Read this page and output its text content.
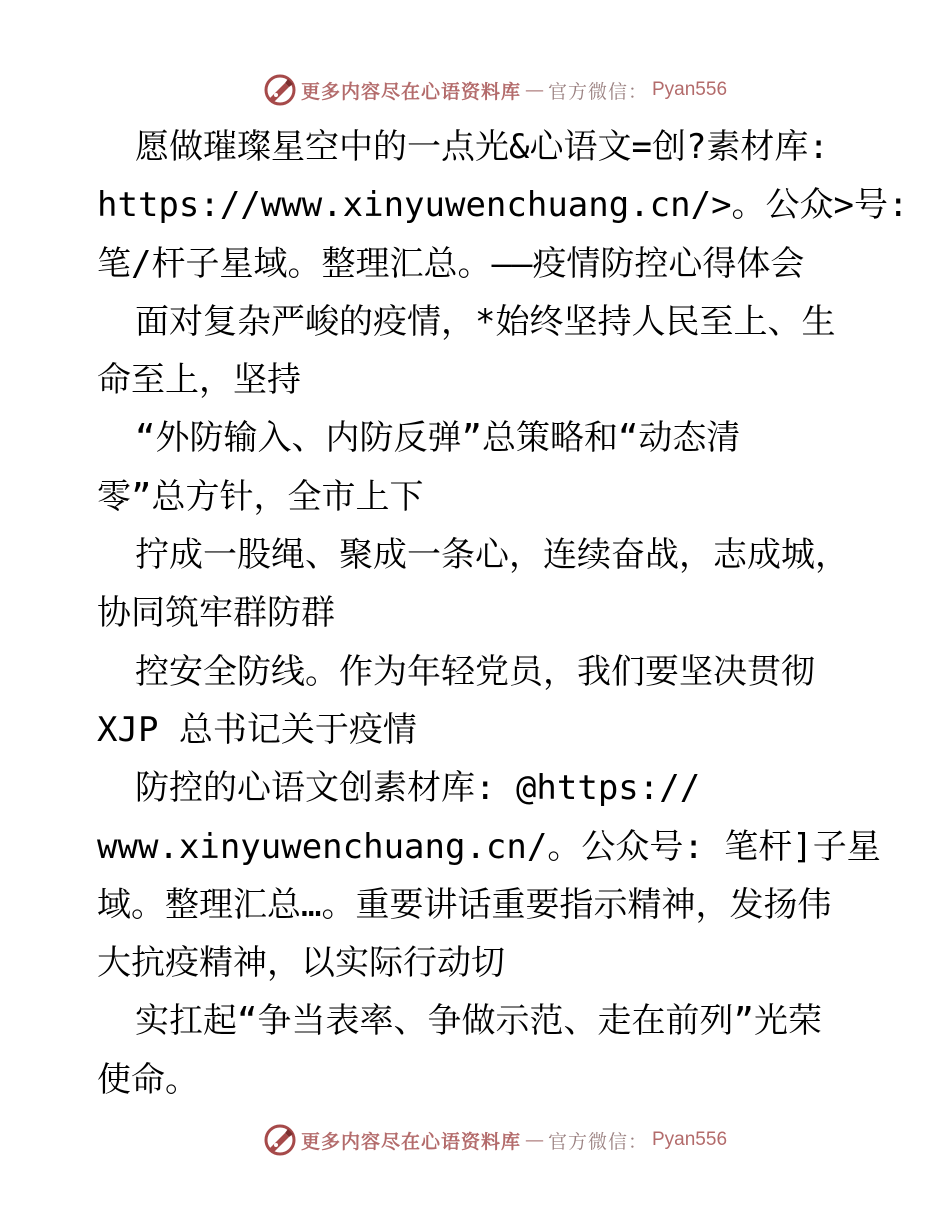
更多内容尽在心语资料库 — 官方微信： Pyan556
愿做璀璨星空中的一点光&心语文=创?素材库:
https://www.xinyuwenchuang.cn/>。公众>号:
笔/杆子星域。整理汇总。——疫情防控心得体会
面对复杂严峻的疫情，*始终坚持人民至上、生
命至上，坚持
“外防输入、内防反弹”总策略和“动态清
零”总方针，全市上下
拧成一股绳、聚成一条心，连续奋战，志成城，
协同筑牢群防群
控安全防线。作为年轻党员，我们要坚决贯彻
XJP 总书记关于疫情
防控的心语文创素材库: @https://
www.xinyuwenchuang.cn/。公众号: 笔杆]子星
域。整理汇总…。重要讲话重要指示精神，发扬伟
大抗疫精神，以实际行动切
实扛起“争当表率、争做示范、走在前列”光荣
使命。
更多内容尽在心语资料库 — 官方微信： Pyan556
